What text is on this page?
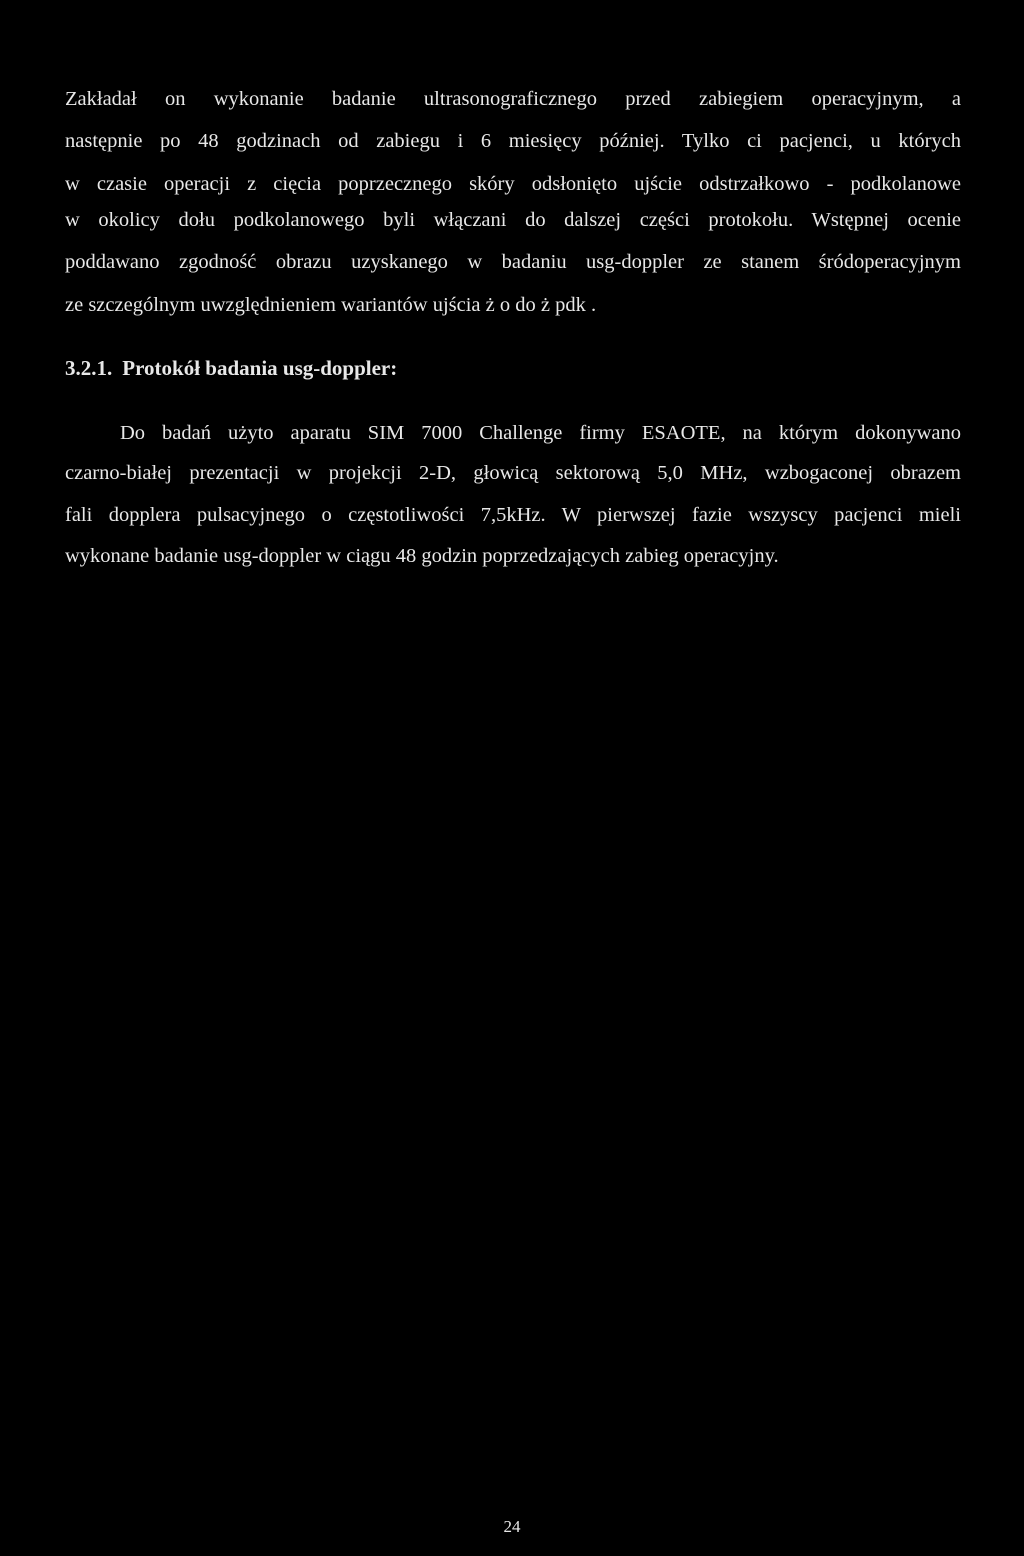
Zakładał on wykonanie badanie ultrasonograficznego przed zabiegiem operacyjnym, a
następnie po 48 godzinach od zabiegu i 6 miesięcy później. Tylko ci pacjenci, u których
w czasie operacji z cięcia poprzecznego skóry odsłonięto ujście odstrzałkowo - podkolanowe
w okolicy dołu podkolanowego byli włączani do dalszej części protokołu. Wstępnej ocenie
poddawano zgodność obrazu uzyskanego w badaniu usg-doppler ze stanem śródoperacyjnym
ze szczególnym uwzględnieniem wariantów ujścia ż o do ż pdk .
3.2.1. Protokół badania usg-doppler:
Do badań użyto aparatu SIM 7000 Challenge firmy ESAOTE, na którym dokonywano
czarno-białej prezentacji w projekcji 2-D, głowicą sektorową 5,0 MHz, wzbogaconej obrazem
fali dopplera pulsacyjnego o częstotliwości 7,5kHz. W pierwszej fazie wszyscy pacjenci mieli
wykonane badanie usg-doppler w ciągu 48 godzin poprzedzających zabieg operacyjny.
24
